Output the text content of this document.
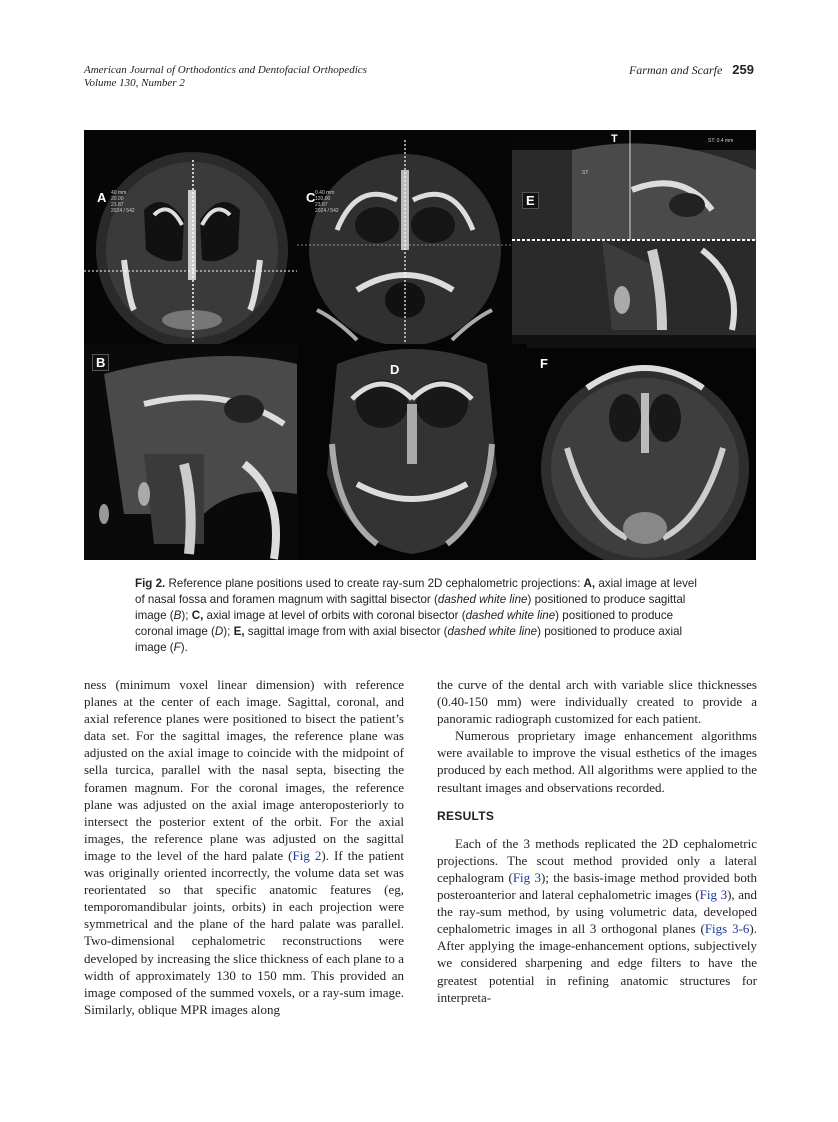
American Journal of Orthodontics and Dentofacial Orthopedics
Volume 130, Number 2
Farman and Scarfe 259
A 40 mm
20.00
23.87
2024 / 542
C 0.40 mm
120.00
23.87
2024 / 542
T	ST: 0.4 mm
ST
E
B	D	F
Fig 2. Reference plane positions used to create ray-sum 2D cephalometric projections: A, axial image at level of nasal fossa and foramen magnum with sagittal bisector (dashed white line) positioned to produce sagittal image (B); C, axial image at level of orbits with coronal bisector (dashed white line) positioned to produce coronal image (D); E, sagittal image from with axial bisector (dashed white line) positioned to produce axial image (F).

ness (minimum voxel linear dimension) with reference planes at the center of each image. Sagittal, coronal, and axial reference planes were positioned to bisect the patient’s data set. For the sagittal images, the reference plane was adjusted on the axial image to coincide with the midpoint of sella turcica, parallel with the nasal septa, bisecting the foramen magnum. For the coronal images, the reference plane was adjusted on the axial image anteroposteriorly to intersect the posterior extent of the orbit. For the axial images, the reference plane was adjusted on the sagittal image to the level of the hard palate (Fig 2). If the patient was originally oriented incorrectly, the volume data set was reorientated so that specific anatomic features (eg, temporomandibular joints, orbits) in each projection were symmetrical and the plane of the hard palate was parallel. Two-dimensional cephalometric reconstructions were developed by increasing the slice thickness of each plane to a width of approximately 130 to 150 mm. This provided an image composed of the summed voxels, or a ray-sum image. Similarly, oblique MPR images along

the curve of the dental arch with variable slice thicknesses (0.40-150 mm) were individually created to provide a panoramic radiograph customized for each patient.

Numerous proprietary image enhancement algorithms were available to improve the visual esthetics of the images produced by each method. All algorithms were applied to the resultant images and observations recorded.

RESULTS

Each of the 3 methods replicated the 2D cephalometric projections. The scout method provided only a lateral cephalogram (Fig 3); the basis-image method provided both posteroanterior and lateral cephalometric images (Fig 3), and the ray-sum method, by using volumetric data, developed cephalometric images in all 3 orthogonal planes (Figs 3-6). After applying the image-enhancement options, subjectively we considered sharpening and edge filters to have the greatest potential in refining anatomic structures for interpreta-
